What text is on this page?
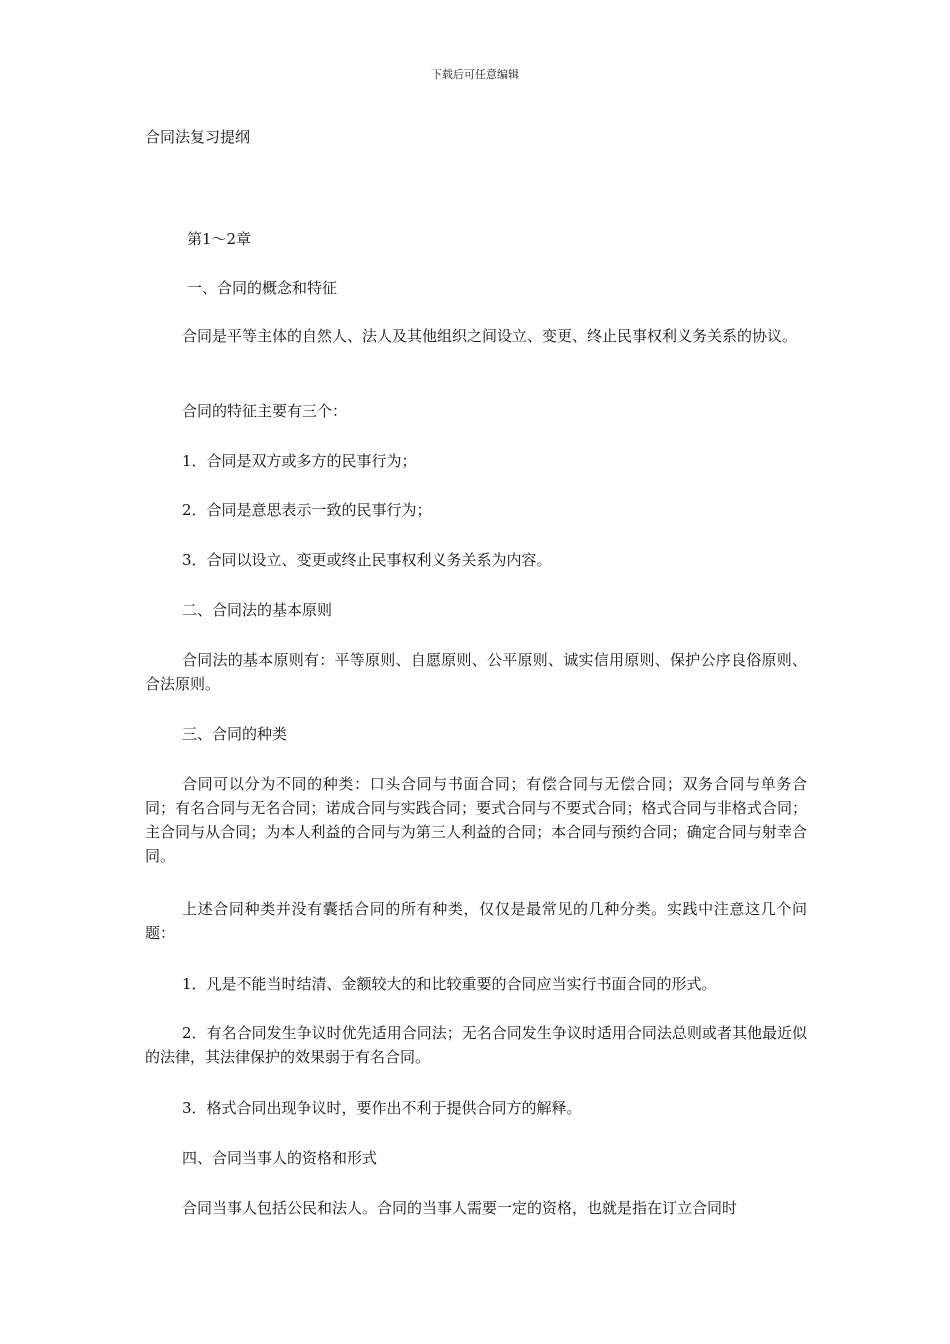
下载后可任意编辑
合同法复习提纲

第1～2章

一、合同的概念和特征

合同是平等主体的自然人、法人及其他组织之间设立、变更、终止民事权利义务关系的协议。

合同的特征主要有三个：

1．合同是双方或多方的民事行为；

2．合同是意思表示一致的民事行为；

3．合同以设立、变更或终止民事权利义务关系为内容。

二、合同法的基本原则

合同法的基本原则有：平等原则、自愿原则、公平原则、诚实信用原则、保护公序良俗原则、合法原则。

三、合同的种类

合同可以分为不同的种类：口头合同与书面合同；有偿合同与无偿合同；双务合同与单务合同；有名合同与无名合同；诺成合同与实践合同；要式合同与不要式合同；格式合同与非格式合同；主合同与从合同；为本人利益的合同与为第三人利益的合同；本合同与预约合同；确定合同与射幸合同。

上述合同种类并没有囊括合同的所有种类，仅仅是最常见的几种分类。实践中注意这几个问题：

1．凡是不能当时结清、金额较大的和比较重要的合同应当实行书面合同的形式。

2．有名合同发生争议时优先适用合同法；无名合同发生争议时适用合同法总则或者其他最近似的法律，其法律保护的效果弱于有名合同。

3．格式合同出现争议时，要作出不利于提供合同方的解释。

四、合同当事人的资格和形式

合同当事人包括公民和法人。合同的当事人需要一定的资格，也就是指在订立合同时
